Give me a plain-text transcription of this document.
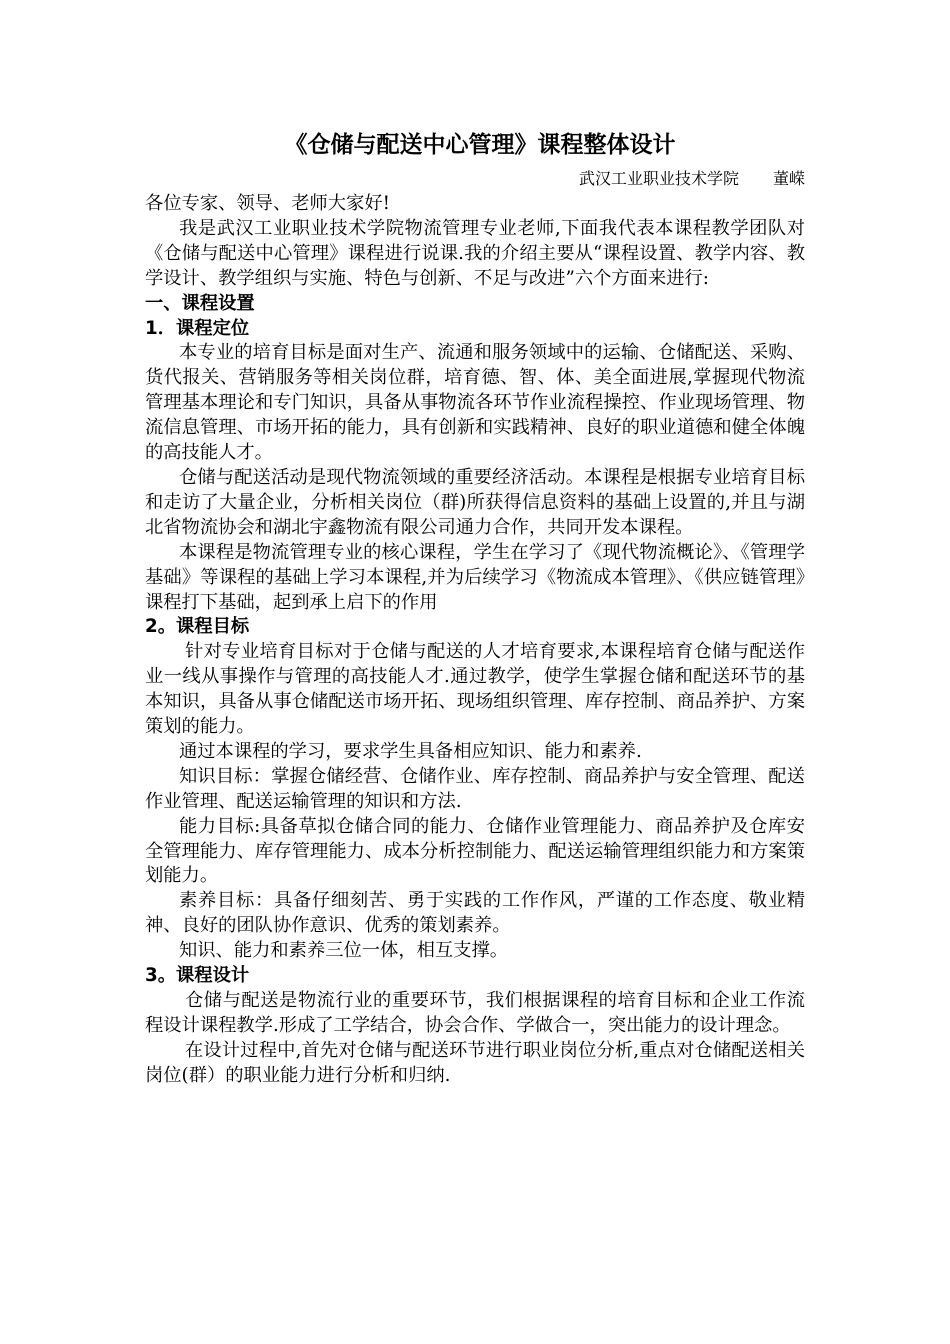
《仓储与配送中心管理》课程整体设计
武汉工业职业技术学院 董嵘

各位专家、领导、老师大家好!

我是武汉工业职业技术学院物流管理专业老师,下面我代表本课程教学团队对《仓储与配送中心管理》课程进行说课.我的介绍主要从“课程设置、教学内容、教学设计、教学组织与实施、特色与创新、不足与改进”六个方面来进行:

一、课程设置
1．课程定位

本专业的培育目标是面对生产、流通和服务领域中的运输、仓储配送、采购、货代报关、营销服务等相关岗位群，培育德、智、体、美全面进展,掌握现代物流管理基本理论和专门知识，具备从事物流各环节作业流程操控、作业现场管理、物流信息管理、市场开拓的能力，具有创新和实践精神、良好的职业道德和健全体魄的高技能人才。

仓储与配送活动是现代物流领域的重要经济活动。本课程是根据专业培育目标和走访了大量企业，分析相关岗位（群)所获得信息资料的基础上设置的,并且与湖北省物流协会和湖北宇鑫物流有限公司通力合作，共同开发本课程。

本课程是物流管理专业的核心课程，学生在学习了《现代物流概论》、《管理学基础》等课程的基础上学习本课程,并为后续学习《物流成本管理》、《供应链管理》课程打下基础，起到承上启下的作用

2。课程目标

针对专业培育目标对于仓储与配送的人才培育要求,本课程培育仓储与配送作业一线从事操作与管理的高技能人才.通过教学，使学生掌握仓储和配送环节的基本知识，具备从事仓储配送市场开拓、现场组织管理、库存控制、商品养护、方案策划的能力。

通过本课程的学习，要求学生具备相应知识、能力和素养.

知识目标：掌握仓储经营、仓储作业、库存控制、商品养护与安全管理、配送作业管理、配送运输管理的知识和方法.

能力目标:具备草拟仓储合同的能力、仓储作业管理能力、商品养护及仓库安全管理能力、库存管理能力、成本分析控制能力、配送运输管理组织能力和方案策划能力。

素养目标：具备仔细刻苦、勇于实践的工作作风，严谨的工作态度、敬业精神、良好的团队协作意识、优秀的策划素养。

知识、能力和素养三位一体，相互支撑。

3。课程设计

仓储与配送是物流行业的重要环节，我们根据课程的培育目标和企业工作流程设计课程教学.形成了工学结合，协会合作、学做合一，突出能力的设计理念。

在设计过程中,首先对仓储与配送环节进行职业岗位分析,重点对仓储配送相关岗位(群）的职业能力进行分析和归纳.
